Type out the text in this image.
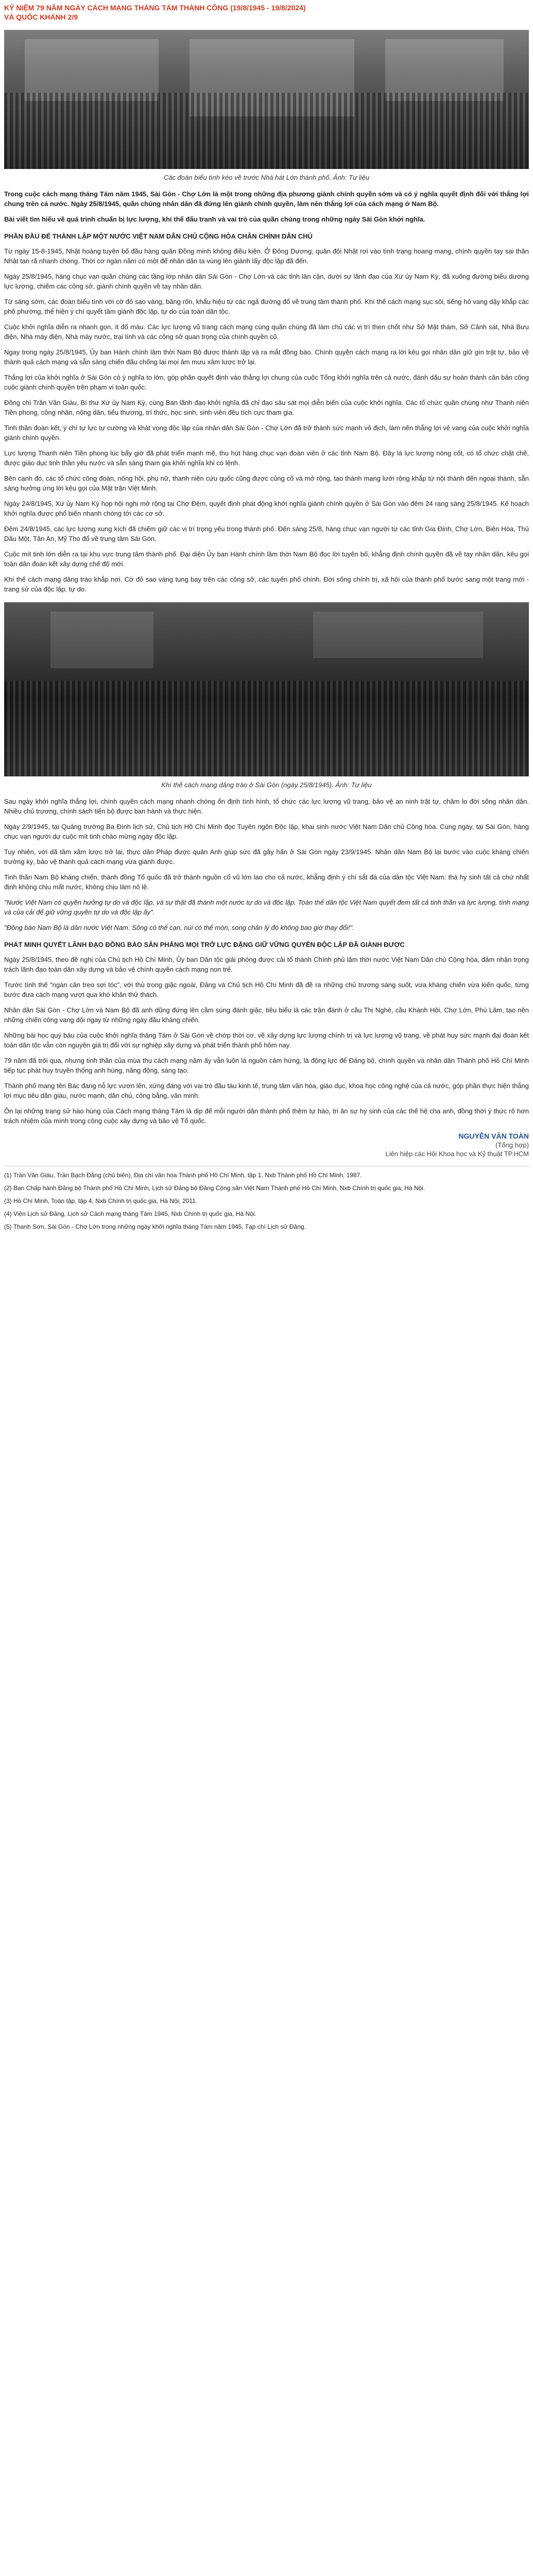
KỶ NIỆM 79 NĂM NGÀY CÁCH MẠNG THÁNG TÁM THÀNH CÔNG (19/8/1945 - 19/8/2024)
VÀ QUỐC KHÁNH 2/9
Các đoàn biểu tình kéo về trước Nhà hát Lớn thành phố. Ảnh: Tư liệu

Trong cuộc cách mạng tháng Tám năm 1945, Sài Gòn - Chợ Lớn là một trong những địa phương giành chính quyền sớm và có ý nghĩa quyết định đối với thắng lợi chung trên cả nước. Ngày 25/8/1945, quần chúng nhân dân đã đứng lên giành chính quyền, làm nên thắng lợi của cách mạng ở Nam Bộ.

Bài viết tìm hiểu về quá trình chuẩn bị lực lượng, khí thế đấu tranh và vai trò của quần chúng trong những ngày Sài Gòn khởi nghĩa.

PHẦN ĐẦU ĐỂ THÀNH LẬP MỘT NƯỚC VIỆT NAM DÂN CHỦ CỘNG HÒA CHÂN CHÍNH DÂN CHỦ

Từ ngày 15-8-1945, Nhật hoàng tuyên bố đầu hàng quân Đồng minh không điều kiện. Ở Đông Dương, quân đội Nhật rơi vào tình trạng hoang mang, chính quyền tay sai thân Nhật tan rã nhanh chóng. Thời cơ ngàn năm có một để nhân dân ta vùng lên giành lấy độc lập đã đến.

Ngày 25/8/1945, hàng chục vạn quần chúng các tầng lớp nhân dân Sài Gòn - Chợ Lớn và các tỉnh lân cận, dưới sự lãnh đạo của Xứ ủy Nam Kỳ, đã xuống đường biểu dương lực lượng, chiếm các công sở, giành chính quyền về tay nhân dân.

Từ sáng sớm, các đoàn biểu tình với cờ đỏ sao vàng, băng rôn, khẩu hiệu từ các ngả đường đổ về trung tâm thành phố. Khí thế cách mạng sục sôi, tiếng hô vang dậy khắp các phố phường, thể hiện ý chí quyết tâm giành độc lập, tự do của toàn dân tộc.

Cuộc khởi nghĩa diễn ra nhanh gọn, ít đổ máu. Các lực lượng vũ trang cách mạng cùng quần chúng đã làm chủ các vị trí then chốt như Sở Mật thám, Sở Cảnh sát, Nhà Bưu điện, Nhà máy điện, Nhà máy nước, trại lính và các công sở quan trọng của chính quyền cũ.

Ngay trong ngày 25/8/1945, Ủy ban Hành chính lâm thời Nam Bộ được thành lập và ra mắt đồng bào. Chính quyền cách mạng ra lời kêu gọi nhân dân giữ gìn trật tự, bảo vệ thành quả cách mạng và sẵn sàng chiến đấu chống lại mọi âm mưu xâm lược trở lại.

Thắng lợi của khởi nghĩa ở Sài Gòn có ý nghĩa to lớn, góp phần quyết định vào thắng lợi chung của cuộc Tổng khởi nghĩa trên cả nước, đánh dấu sự hoàn thành căn bản công cuộc giành chính quyền trên phạm vi toàn quốc.

Đồng chí Trần Văn Giàu, Bí thư Xứ ủy Nam Kỳ, cùng Ban lãnh đạo khởi nghĩa đã chỉ đạo sâu sát mọi diễn biến của cuộc khởi nghĩa. Các tổ chức quần chúng như Thanh niên Tiền phong, công nhân, nông dân, tiểu thương, trí thức, học sinh, sinh viên đều tích cực tham gia.

Tinh thần đoàn kết, ý chí tự lực tự cường và khát vọng độc lập của nhân dân Sài Gòn - Chợ Lớn đã trở thành sức mạnh vô địch, làm nên thắng lợi vẻ vang của cuộc khởi nghĩa giành chính quyền.

Lực lượng Thanh niên Tiền phong lúc bấy giờ đã phát triển mạnh mẽ, thu hút hàng chục vạn đoàn viên ở các tỉnh Nam Bộ. Đây là lực lượng nòng cốt, có tổ chức chặt chẽ, được giáo dục tinh thần yêu nước và sẵn sàng tham gia khởi nghĩa khi có lệnh.

Bên cạnh đó, các tổ chức công đoàn, nông hội, phụ nữ, thanh niên cứu quốc cũng được củng cố và mở rộng, tạo thành mạng lưới rộng khắp từ nội thành đến ngoại thành, sẵn sàng hưởng ứng lời kêu gọi của Mặt trận Việt Minh.

Ngày 24/8/1945, Xứ ủy Nam Kỳ họp hội nghị mở rộng tại Chợ Đệm, quyết định phát động khởi nghĩa giành chính quyền ở Sài Gòn vào đêm 24 rạng sáng 25/8/1945. Kế hoạch khởi nghĩa được phổ biến nhanh chóng tới các cơ sở.

Đêm 24/8/1945, các lực lượng xung kích đã chiếm giữ các vị trí trọng yếu trong thành phố. Đến sáng 25/8, hàng chục vạn người từ các tỉnh Gia Định, Chợ Lớn, Biên Hòa, Thủ Dầu Một, Tân An, Mỹ Tho đổ về trung tâm Sài Gòn.

Cuộc mít tinh lớn diễn ra tại khu vực trung tâm thành phố. Đại diện Ủy ban Hành chính lâm thời Nam Bộ đọc lời tuyên bố, khẳng định chính quyền đã về tay nhân dân, kêu gọi toàn dân đoàn kết xây dựng chế độ mới.

Khí thế cách mạng dâng trào khắp nơi. Cờ đỏ sao vàng tung bay trên các công sở, các tuyến phố chính. Đời sống chính trị, xã hội của thành phố bước sang một trang mới - trang sử của độc lập, tự do.

Khí thế cách mạng dâng trào ở Sài Gòn (ngày 25/8/1945). Ảnh: Tư liệu

Sau ngày khởi nghĩa thắng lợi, chính quyền cách mạng nhanh chóng ổn định tình hình, tổ chức các lực lượng vũ trang, bảo vệ an ninh trật tự, chăm lo đời sống nhân dân. Nhiều chủ trương, chính sách tiến bộ được ban hành và thực hiện.

Ngày 2/9/1945, tại Quảng trường Ba Đình lịch sử, Chủ tịch Hồ Chí Minh đọc Tuyên ngôn Độc lập, khai sinh nước Việt Nam Dân chủ Cộng hòa. Cùng ngày, tại Sài Gòn, hàng chục vạn người dự cuộc mít tinh chào mừng ngày độc lập.

Tuy nhiên, với dã tâm xâm lược trở lại, thực dân Pháp được quân Anh giúp sức đã gây hấn ở Sài Gòn ngày 23/9/1945. Nhân dân Nam Bộ lại bước vào cuộc kháng chiến trường kỳ, bảo vệ thành quả cách mạng vừa giành được.

Tinh thần Nam Bộ kháng chiến, thành đồng Tổ quốc đã trở thành nguồn cổ vũ lớn lao cho cả nước, khẳng định ý chí sắt đá của dân tộc Việt Nam: thà hy sinh tất cả chứ nhất định không chịu mất nước, không chịu làm nô lệ.

"Nước Việt Nam có quyền hưởng tự do và độc lập, và sự thật đã thành một nước tự do và độc lập. Toàn thể dân tộc Việt Nam quyết đem tất cả tinh thần và lực lượng, tính mạng và của cải để giữ vững quyền tự do và độc lập ấy".

"Đồng bào Nam Bộ là dân nước Việt Nam. Sông có thể cạn, núi có thể mòn, song chân lý đó không bao giờ thay đổi!".

PHÁT MINH QUYẾT LÃNH ĐẠO ĐỒNG BÀO SẴN PHẲNG MỌI TRỞ LỰC ĐẶNG GIỮ VỮNG QUYỀN ĐỘC LẬP ĐÃ GIÀNH ĐƯỢC

Ngày 25/8/1945, theo đề nghị của Chủ tịch Hồ Chí Minh, Ủy ban Dân tộc giải phóng được cải tổ thành Chính phủ lâm thời nước Việt Nam Dân chủ Cộng hòa, đảm nhận trọng trách lãnh đạo toàn dân xây dựng và bảo vệ chính quyền cách mạng non trẻ.

Trước tình thế "ngàn cân treo sợi tóc", với thù trong giặc ngoài, Đảng và Chủ tịch Hồ Chí Minh đã đề ra những chủ trương sáng suốt, vừa kháng chiến vừa kiến quốc, từng bước đưa cách mạng vượt qua khó khăn thử thách.

Nhân dân Sài Gòn - Chợ Lớn và Nam Bộ đã anh dũng đứng lên cầm súng đánh giặc, tiêu biểu là các trận đánh ở cầu Thị Nghè, cầu Khánh Hội, Chợ Lớn, Phú Lâm, tạo nên những chiến công vang dội ngay từ những ngày đầu kháng chiến.

Những bài học quý báu của cuộc khởi nghĩa tháng Tám ở Sài Gòn về chớp thời cơ, về xây dựng lực lượng chính trị và lực lượng vũ trang, về phát huy sức mạnh đại đoàn kết toàn dân tộc vẫn còn nguyên giá trị đối với sự nghiệp xây dựng và phát triển thành phố hôm nay.

79 năm đã trôi qua, nhưng tinh thần của mùa thu cách mạng năm ấy vẫn luôn là nguồn cảm hứng, là động lực để Đảng bộ, chính quyền và nhân dân Thành phố Hồ Chí Minh tiếp tục phát huy truyền thống anh hùng, năng động, sáng tạo.

Thành phố mang tên Bác đang nỗ lực vươn lên, xứng đáng với vai trò đầu tàu kinh tế, trung tâm văn hóa, giáo dục, khoa học công nghệ của cả nước, góp phần thực hiện thắng lợi mục tiêu dân giàu, nước mạnh, dân chủ, công bằng, văn minh.

Ôn lại những trang sử hào hùng của Cách mạng tháng Tám là dịp để mỗi người dân thành phố thêm tự hào, tri ân sự hy sinh của các thế hệ cha anh, đồng thời ý thức rõ hơn trách nhiệm của mình trong công cuộc xây dựng và bảo vệ Tổ quốc.

NGUYỄN VĂN TOÀN
(Tổng hợp)
Liên hiệp các Hội Khoa học và Kỹ thuật TP.HCM
(1) Trần Văn Giàu, Trần Bạch Đằng (chủ biên), Địa chí văn hóa Thành phố Hồ Chí Minh, tập 1, Nxb Thành phố Hồ Chí Minh, 1987.
(2) Ban Chấp hành Đảng bộ Thành phố Hồ Chí Minh, Lịch sử Đảng bộ Đảng Cộng sản Việt Nam Thành phố Hồ Chí Minh, Nxb Chính trị quốc gia, Hà Nội.
(3) Hồ Chí Minh, Toàn tập, tập 4, Nxb Chính trị quốc gia, Hà Nội, 2011.
(4) Viện Lịch sử Đảng, Lịch sử Cách mạng tháng Tám 1945, Nxb Chính trị quốc gia, Hà Nội.
(5) Thanh Sơn, Sài Gòn - Chợ Lớn trong những ngày khởi nghĩa tháng Tám năm 1945, Tạp chí Lịch sử Đảng.
